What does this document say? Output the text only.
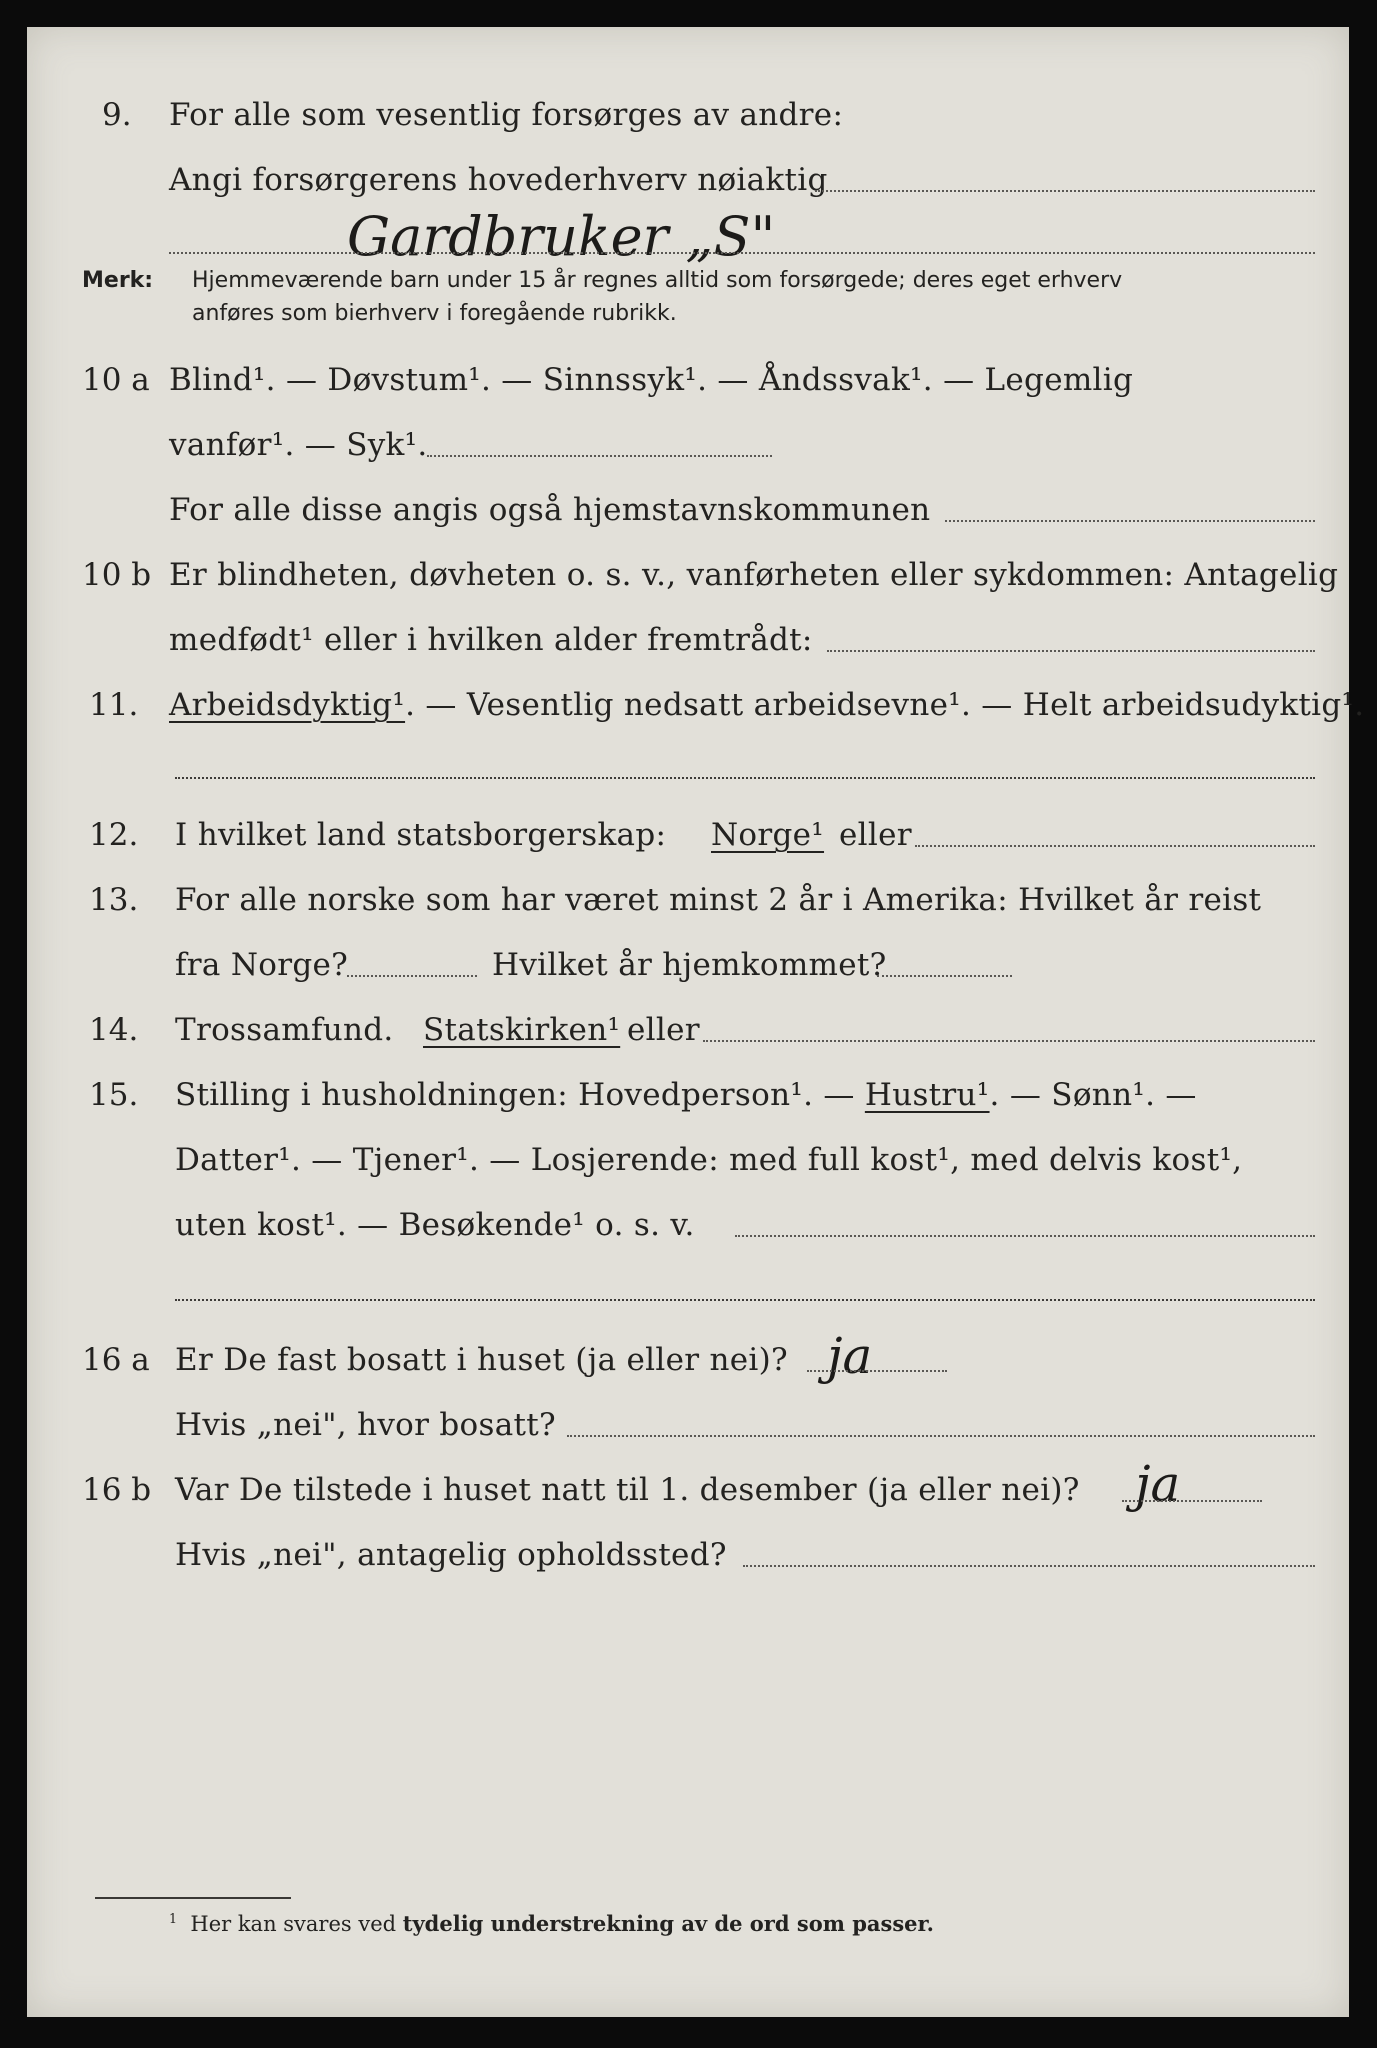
9. For alle som vesentlig forsørges av andre:
Angi forsørgerens hovederhverv nøiaktig
Gardbruker „S"
Merk: Hjemmeværende barn under 15 år regnes alltid som forsørgede; deres eget erhverv
anføres som bierhverv i foregående rubrikk.
10 a Blind¹. — Døvstum¹. — Sinnssyk¹. — Åndssvak¹. — Legemlig
vanfør¹. — Syk¹.
For alle disse angis også hjemstavnskommunen
10 b Er blindheten, døvheten o. s. v., vanførheten eller sykdommen: Antagelig
medfødt¹ eller i hvilken alder fremtrådt:
11. Arbeidsdyktig¹. — Vesentlig nedsatt arbeidsevne¹. — Helt arbeidsudyktig¹.
12. I hvilket land statsborgerskap: Norge¹ eller
13. For alle norske som har været minst 2 år i Amerika: Hvilket år reist
fra Norge?	Hvilket år hjemkommet?
14. Trossamfund. Statskirken¹ eller
15. Stilling i husholdningen: Hovedperson¹. — Hustru¹. — Sønn¹. —
Datter¹. — Tjener¹. — Losjerende: med full kost¹, med delvis kost¹,
uten kost¹. — Besøkende¹ o. s. v.
16 a Er De fast bosatt i huset (ja eller nei)? ja
Hvis „nei", hvor bosatt?
16 b Var De tilstede i huset natt til 1. desember (ja eller nei)? ja
Hvis „nei", antagelig opholdssted?
$^1$ Her kan svares ved tydelig understrekning av de ord som passer.
